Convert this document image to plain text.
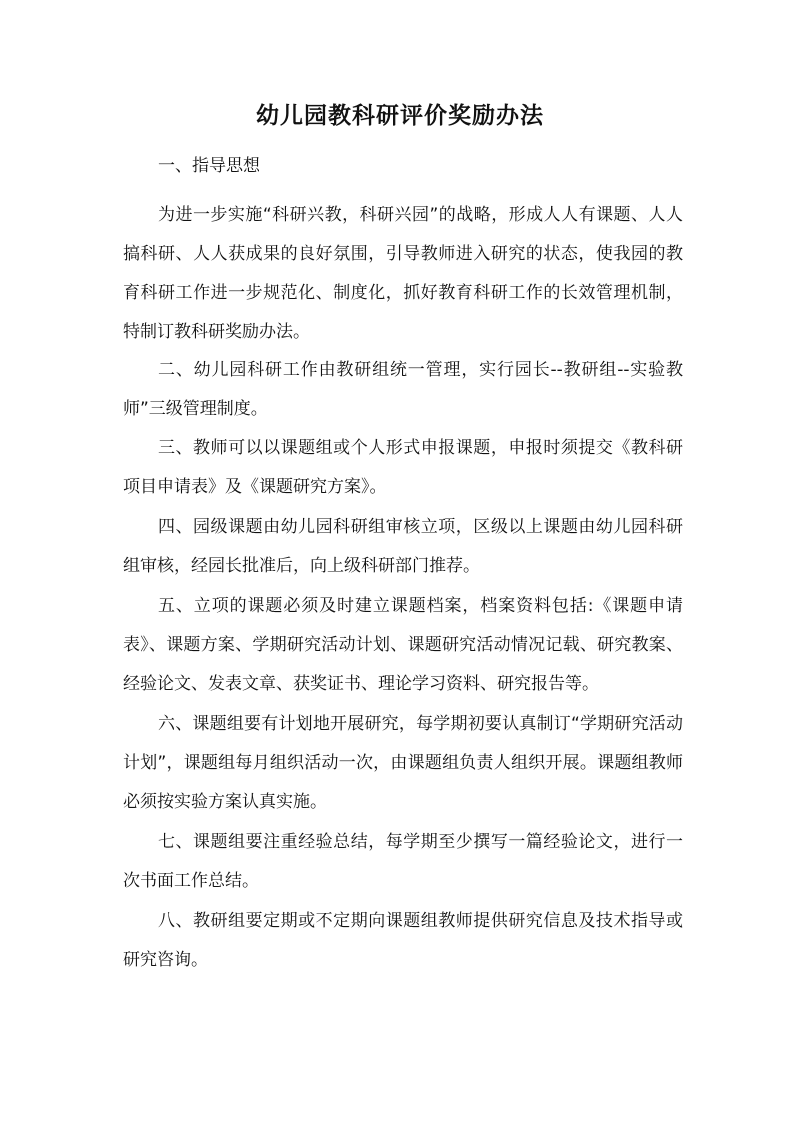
幼儿园教科研评价奖励办法

一、指导思想

为进一步实施“科研兴教，科研兴园”的战略，形成人人有课题、人人搞科研、人人获成果的良好氛围，引导教师进入研究的状态，使我园的教育科研工作进一步规范化、制度化，抓好教育科研工作的长效管理机制，特制订教科研奖励办法。

二、幼儿园科研工作由教研组统一管理，实行园长--教研组--实验教师”三级管理制度。

三、教师可以以课题组或个人形式申报课题，申报时须提交《教科研项目申请表》及《课题研究方案》。

四、园级课题由幼儿园科研组审核立项，区级以上课题由幼儿园科研组审核，经园长批准后，向上级科研部门推荐。

五、立项的课题必须及时建立课题档案，档案资料包括:《课题申请表》、课题方案、学期研究活动计划、课题研究活动情况记载、研究教案、经验论文、发表文章、获奖证书、理论学习资料、研究报告等。

六、课题组要有计划地开展研究，每学期初要认真制订“学期研究活动计划”，课题组每月组织活动一次，由课题组负责人组织开展。课题组教师必须按实验方案认真实施。

七、课题组要注重经验总结，每学期至少撰写一篇经验论文，进行一次书面工作总结。

八、教研组要定期或不定期向课题组教师提供研究信息及技术指导或研究咨询。
